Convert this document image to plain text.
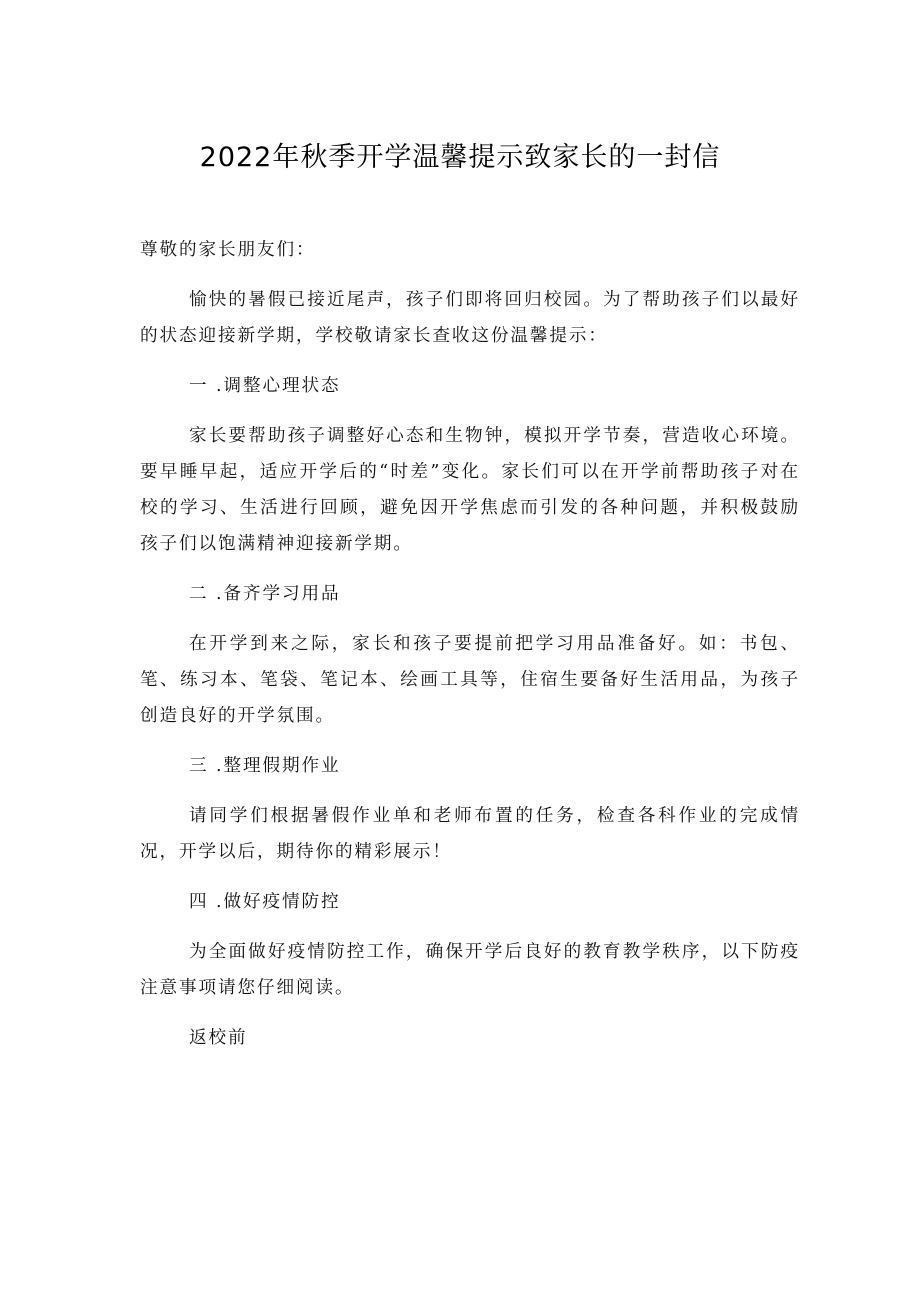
2022年秋季开学温馨提示致家长的一封信

尊敬的家长朋友们：

愉快的暑假已接近尾声，孩子们即将回归校园。为了帮助孩子们以最好的状态迎接新学期，学校敬请家长查收这份温馨提示：

一 .调整心理状态

家长要帮助孩子调整好心态和生物钟，模拟开学节奏，营造收心环境。要早睡早起，适应开学后的“时差”变化。家长们可以在开学前帮助孩子对在校的学习、生活进行回顾，避免因开学焦虑而引发的各种问题，并积极鼓励孩子们以饱满精神迎接新学期。

二 .备齐学习用品

在开学到来之际，家长和孩子要提前把学习用品准备好。如：书包、笔、练习本、笔袋、笔记本、绘画工具等，住宿生要备好生活用品，为孩子创造良好的开学氛围。

三 .整理假期作业

请同学们根据暑假作业单和老师布置的任务，检查各科作业的完成情况，开学以后，期待你的精彩展示！

四 .做好疫情防控

为全面做好疫情防控工作，确保开学后良好的教育教学秩序，以下防疫注意事项请您仔细阅读。

返校前
